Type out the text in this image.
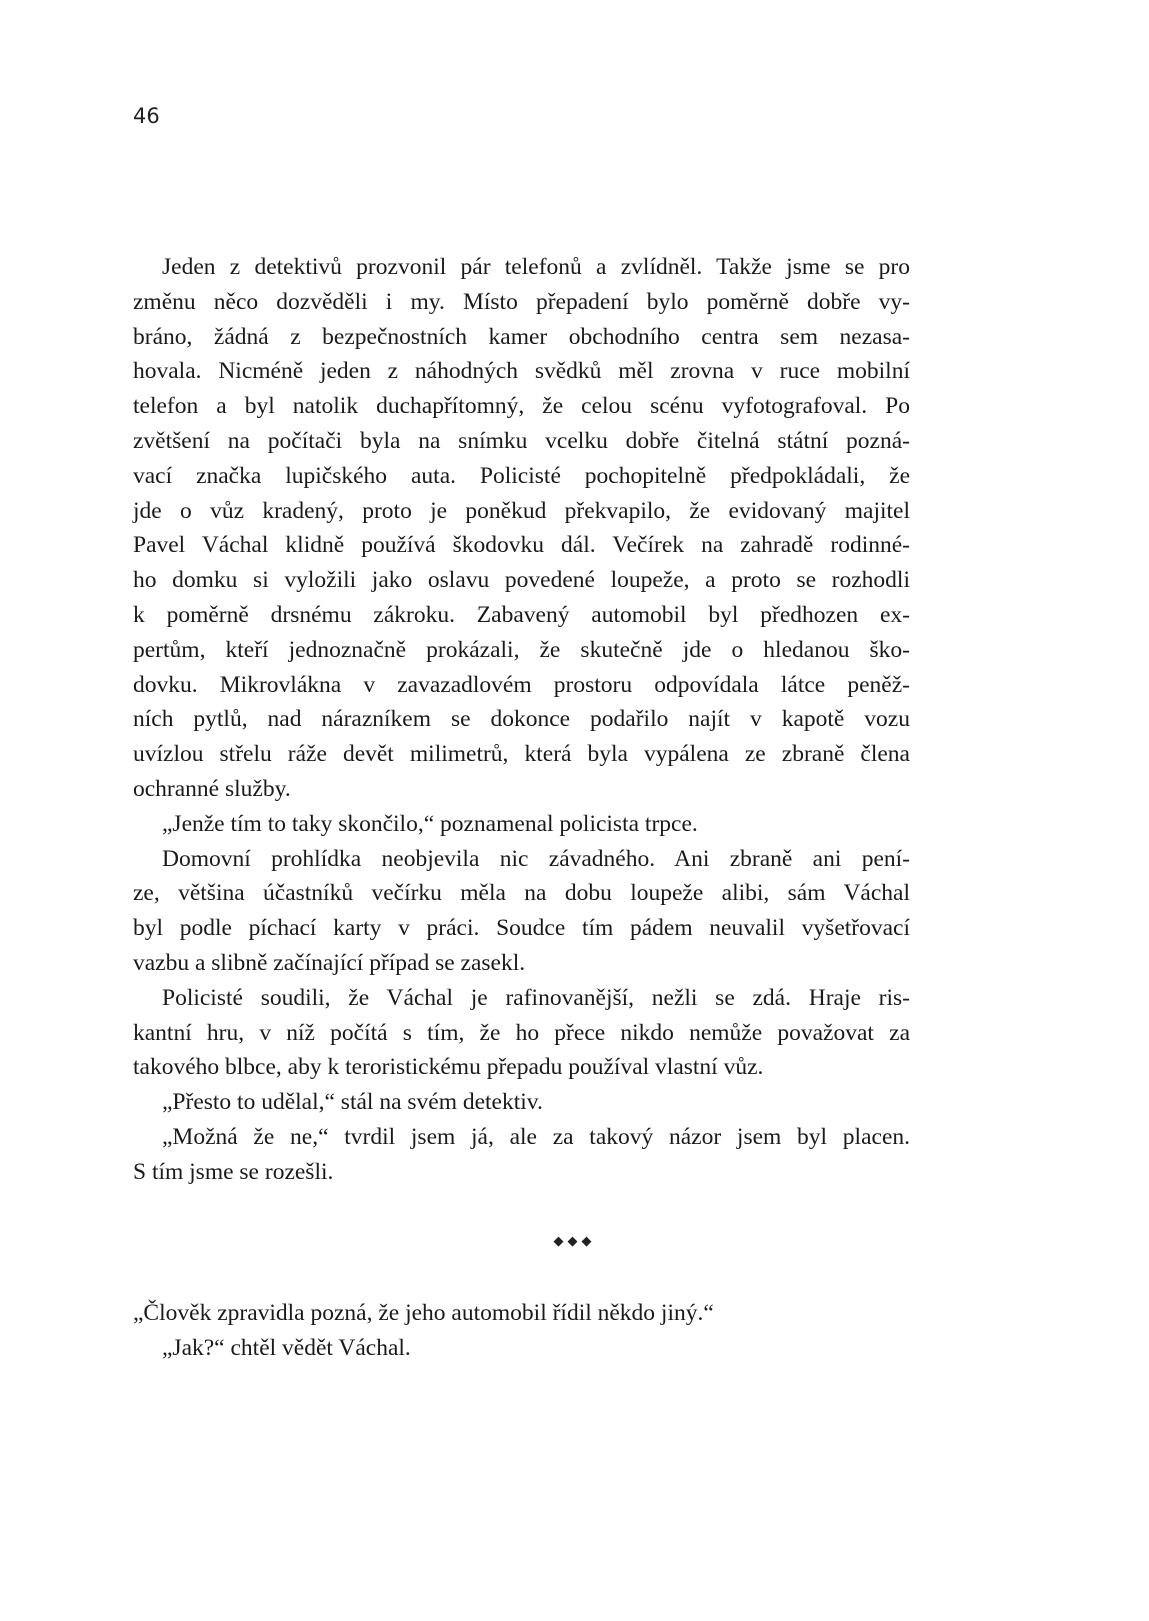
46
Jeden z detektivů prozvonil pár telefonů a zvlídněl. Takže jsme se pro
změnu něco dozvěděli i my. Místo přepadení bylo poměrně dobře vy-
bráno, žádná z bezpečnostních kamer obchodního centra sem nezasa-
hovala. Nicméně jeden z náhodných svědků měl zrovna v ruce mobilní
telefon a byl natolik duchapřítomný, že celou scénu vyfotografoval. Po
zvětšení na počítači byla na snímku vcelku dobře čitelná státní pozná-
vací značka lupičského auta. Policisté pochopitelně předpokládali, že
jde o vůz kradený, proto je poněkud překvapilo, že evidovaný majitel
Pavel Váchal klidně používá škodovku dál. Večírek na zahradě rodinné-
ho domku si vyložili jako oslavu povedené loupeže, a proto se rozhodli
k poměrně drsnému zákroku. Zabavený automobil byl předhozen ex-
pertům, kteří jednoznačně prokázali, že skutečně jde o hledanou ško-
dovku. Mikrovlákna v zavazadlovém prostoru odpovídala látce peněž-
ních pytlů, nad nárazníkem se dokonce podařilo najít v kapotě vozu
uvízlou střelu ráže devět milimetrů, která byla vypálena ze zbraně člena
ochranné služby.
„Jenže tím to taky skončilo,“ poznamenal policista trpce.
Domovní prohlídka neobjevila nic závadného. Ani zbraně ani pení-
ze, většina účastníků večírku měla na dobu loupeže alibi, sám Váchal
byl podle píchací karty v práci. Soudce tím pádem neuvalil vyšetřovací
vazbu a slibně začínající případ se zasekl.
Policisté soudili, že Váchal je rafinovanější, nežli se zdá. Hraje ris-
kantní hru, v níž počítá s tím, že ho přece nikdo nemůže považovat za
takového blbce, aby k teroristickému přepadu používal vlastní vůz.
„Přesto to udělal,“ stál na svém detektiv.
„Možná že ne,“ tvrdil jsem já, ale za takový názor jsem byl placen.
S tím jsme se rozešli.
◆◆◆
„Člověk zpravidla pozná, že jeho automobil řídil někdo jiný.“
„Jak?“ chtěl vědět Váchal.
